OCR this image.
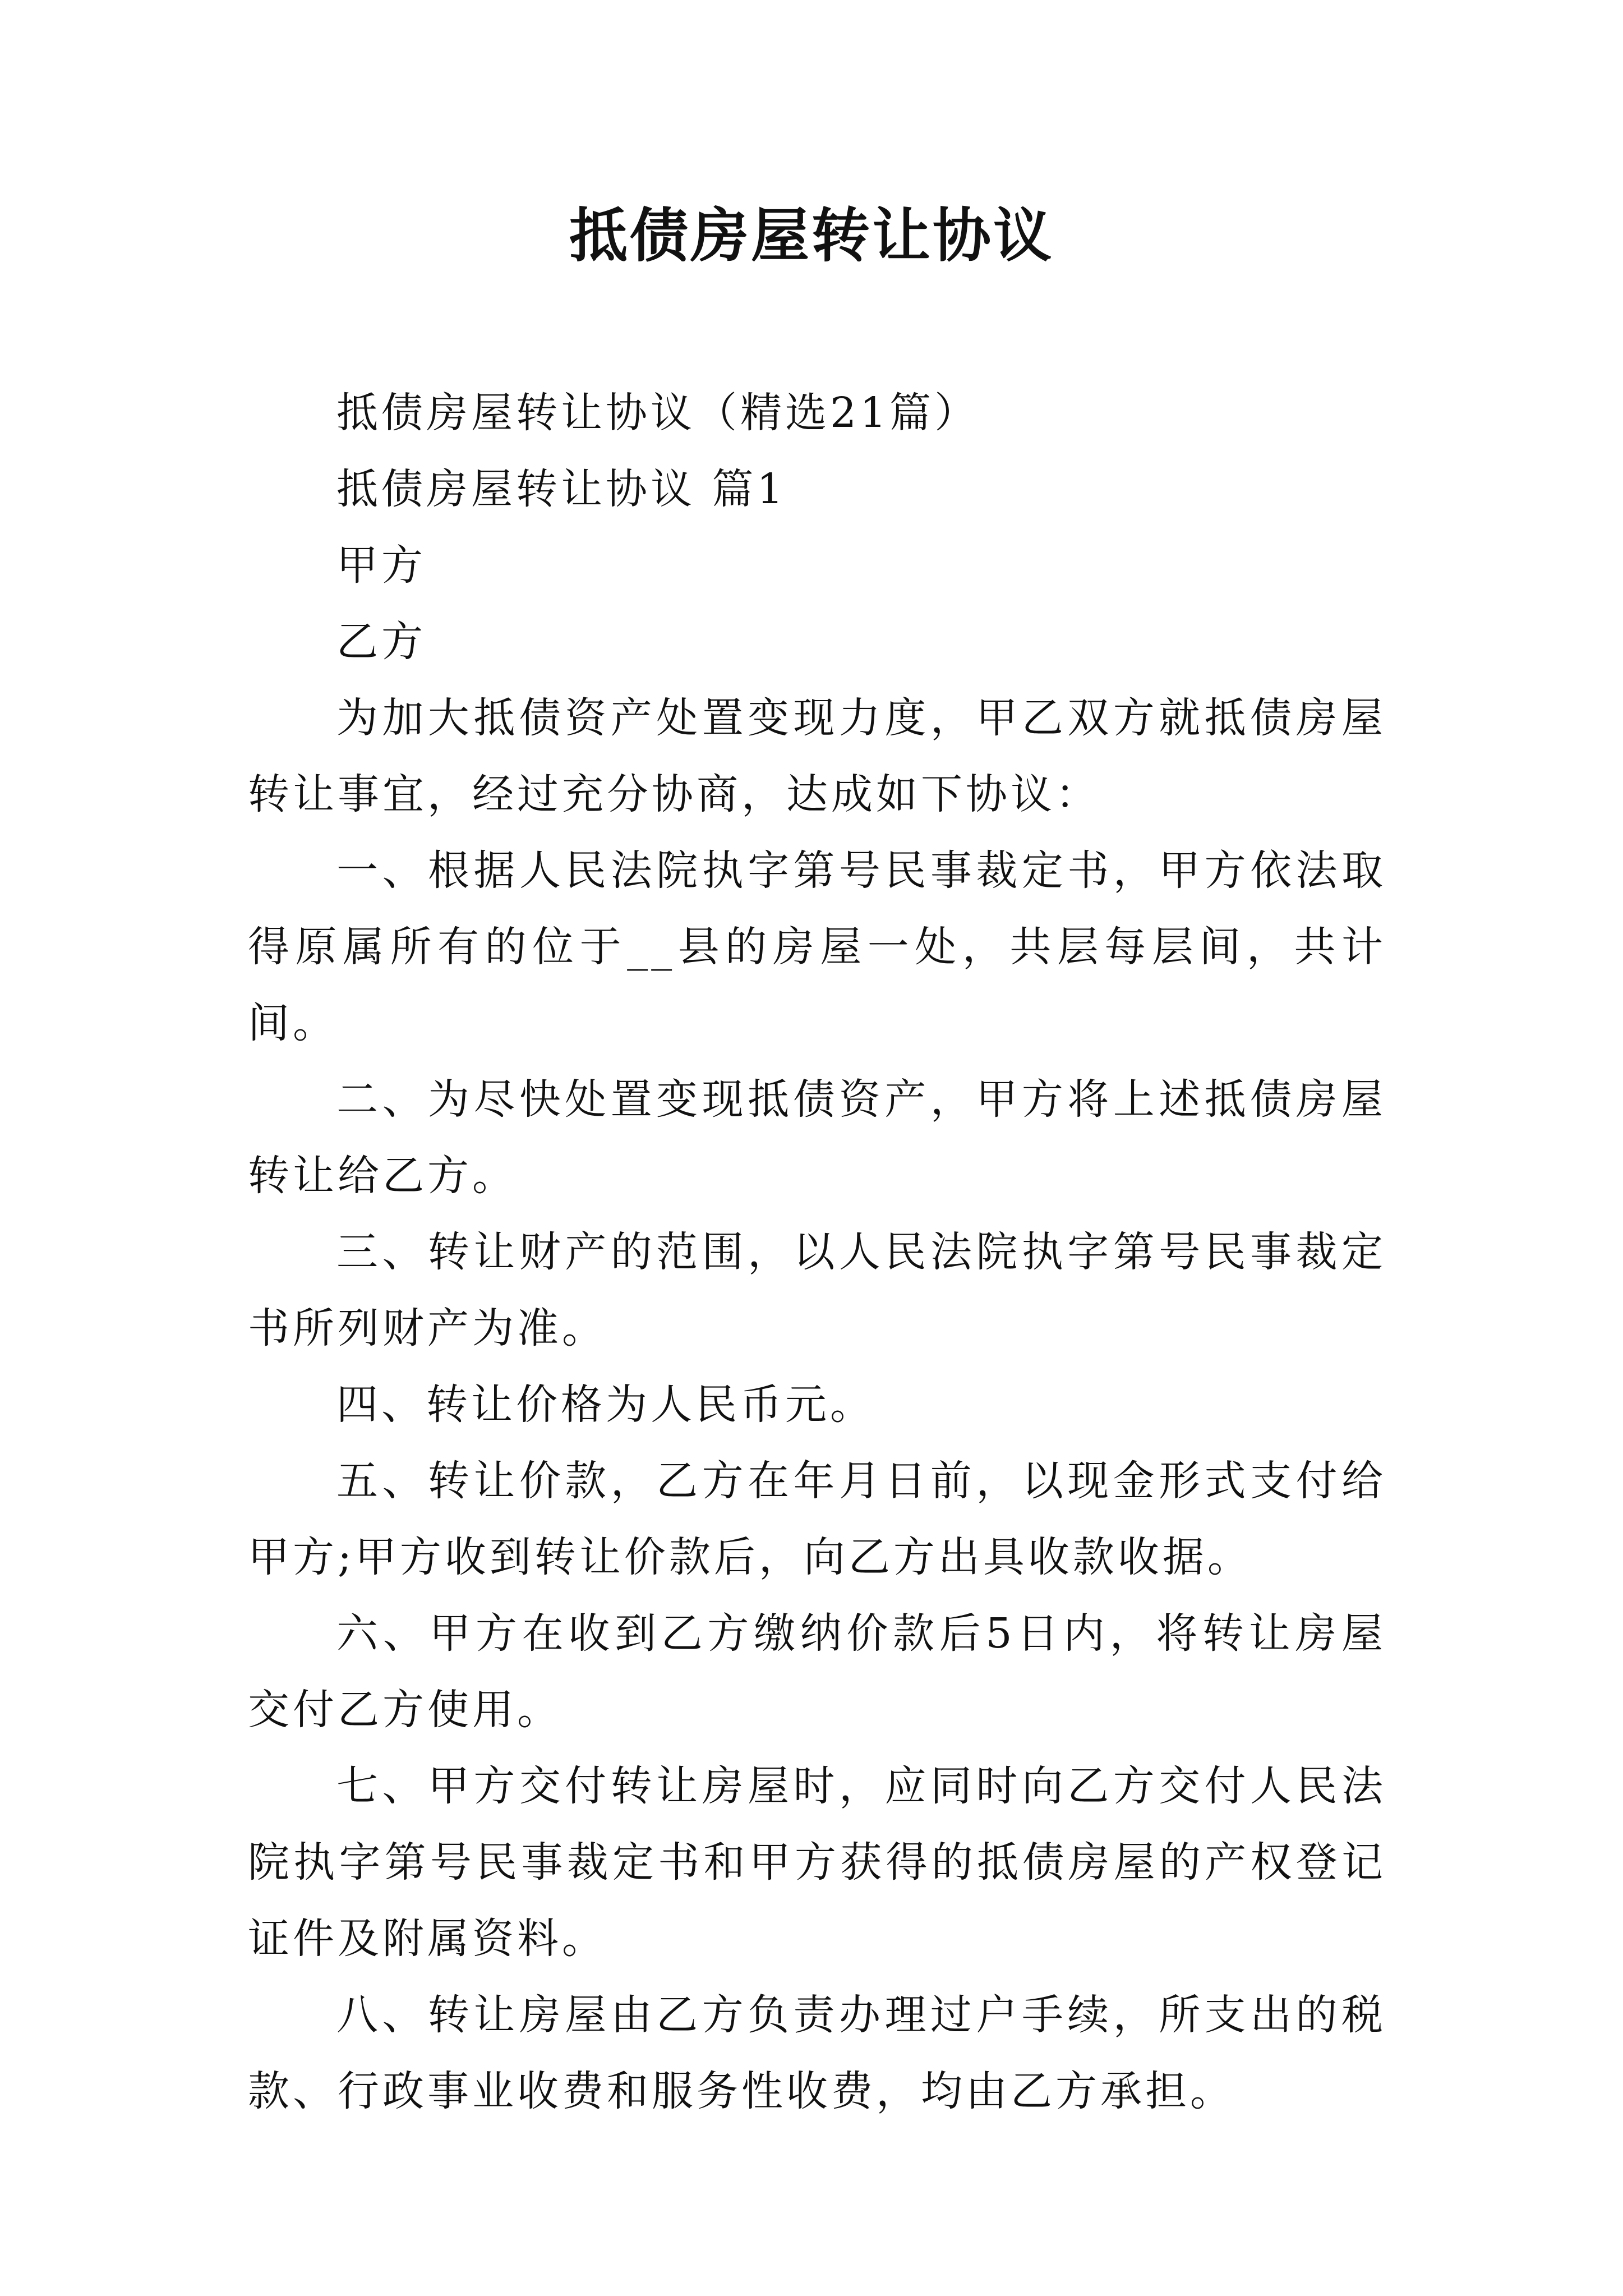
抵债房屋转让协议

抵债房屋转让协议（精选21篇）

抵债房屋转让协议 篇1

甲方

乙方

为加大抵债资产处置变现力度，甲乙双方就抵债房屋转让事宜，经过充分协商，达成如下协议：

一、根据人民法院执字第号民事裁定书，甲方依法取得原属所有的位于__县的房屋一处，共层每层间，共计间。

二、为尽快处置变现抵债资产，甲方将上述抵债房屋转让给乙方。

三、转让财产的范围，以人民法院执字第号民事裁定书所列财产为准。

四、转让价格为人民币元。

五、转让价款，乙方在年月日前，以现金形式支付给甲方;甲方收到转让价款后，向乙方出具收款收据。

六、甲方在收到乙方缴纳价款后5日内，将转让房屋交付乙方使用。

七、甲方交付转让房屋时，应同时向乙方交付人民法院执字第号民事裁定书和甲方获得的抵债房屋的产权登记证件及附属资料。

八、转让房屋由乙方负责办理过户手续，所支出的税款、行政事业收费和服务性收费，均由乙方承担。
